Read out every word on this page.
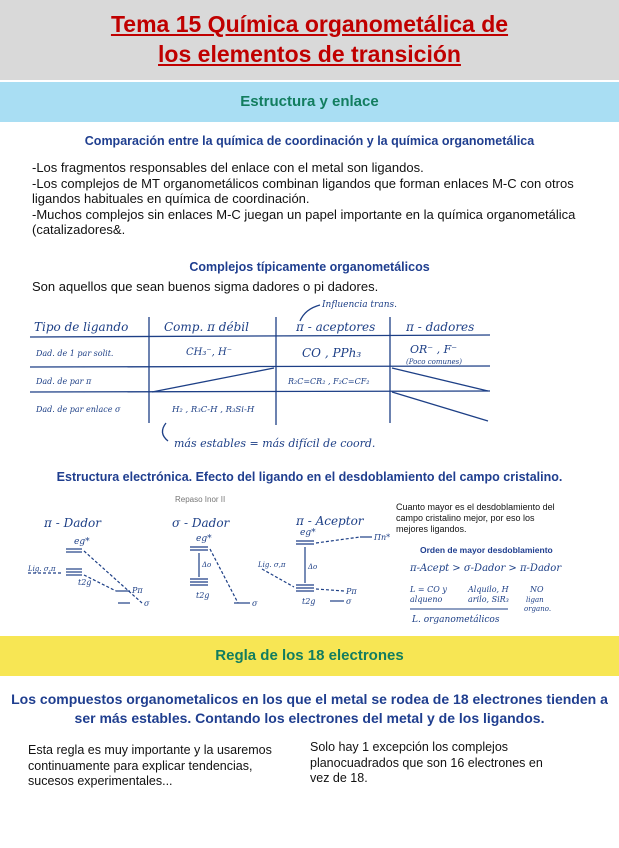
Tema 15 Química organometálica de
los elementos de transición
Estructura y enlace
Comparación entre la química de coordinación y la química organometálica
-Los fragmentos responsables del enlace con el metal son ligandos.
-Los complejos de MT organometálicos combinan ligandos que forman enlaces M-C con otros
ligandos habituales en química de coordinación.
-Muchos complejos sin enlaces M-C juegan un papel importante en la química organometálica
(catalizadores&.
Complejos típicamente organometálicos
Son aquellos que sean buenos sigma dadores o pi dadores.
Influencia trans.
Tipo de ligando	Comp. π débil	π - aceptores	π - dadores
Dad. de 1 par solit.	CH₃⁻, H⁻	CO , PPh₃	OR⁻ , F⁻
(Poco comunes)
Dad. de par π	R₂C=CR₂ , F₂C=CF₂
Dad. de par enlace σ	H₂ , R₃C-H , R₃Si-H
más estables = más difícil de coord.
Estructura electrónica. Efecto del ligando en el desdoblamiento del campo cristalino.
Repaso Inor II
π - Dador
eg*
t2g
Lig. σ,π
Pπ
σ
σ - Dador
eg*
Δo
t2g
σ
π - Aceptor
eg*
Δo
t2g
Lig. σ,π
Πn*
Pπ
σ
Cuanto mayor es el desdoblamiento del
campo cristalino mejor, por eso los
mejores ligandos.
Orden de mayor desdoblamiento
π-Acept > σ-Dador > π-Dador
L = CO y
alqueno
Alquilo, H
arilo, SiR₃
NO
ligan
organo.
L. organometálicos
Regla de los 18 electrones
Los compuestos organometalicos en los que el metal se rodea de 18 electrones tienden a
ser más estables. Contando los electrones del metal y de los ligandos.
Esta regla es muy importante y la usaremos
continuamente para explicar tendencias,
sucesos experimentales...
Solo hay 1 excepción los complejos
planocuadrados que son 16 electrones en
vez de 18.
